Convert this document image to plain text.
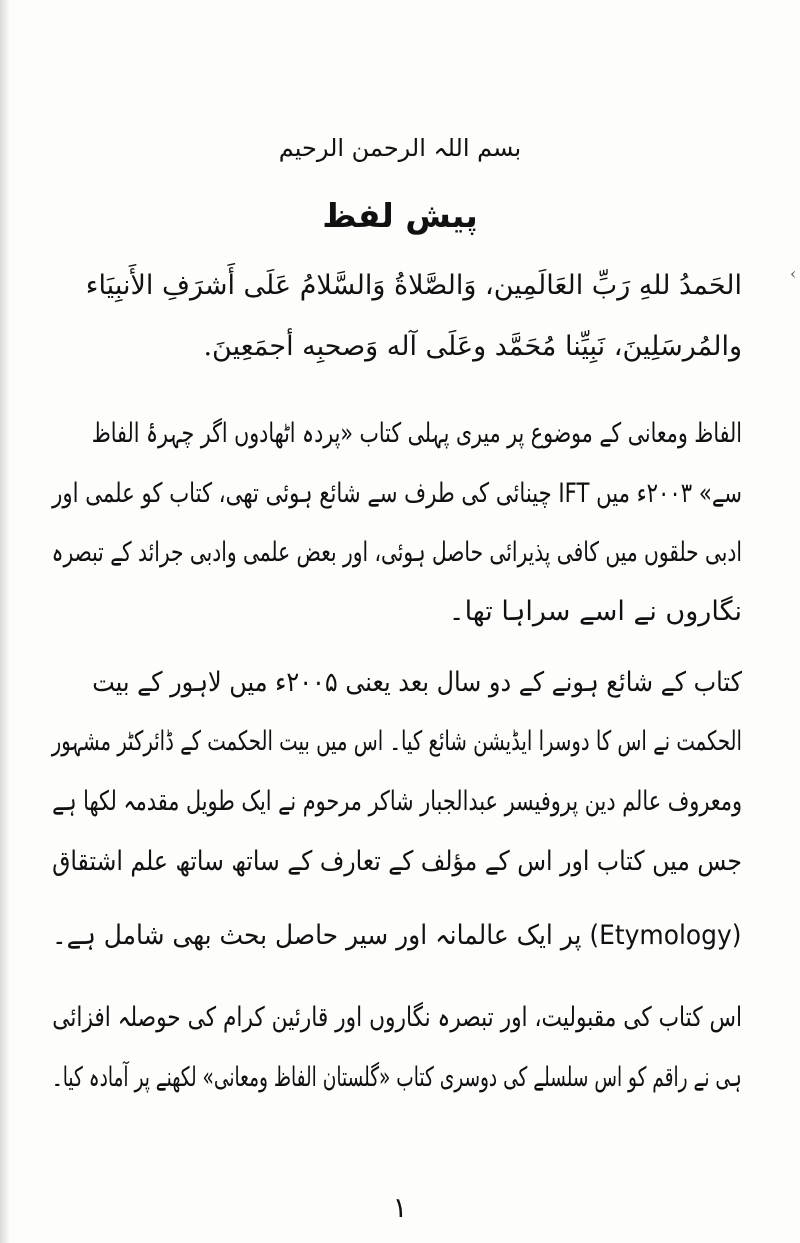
‹
بسم اللہ الرحمن الرحیم
پیش لفظ
الحَمدُ للهِ رَبِّ العَالَمِين، وَالصَّلاةُ وَالسَّلامُ عَلَى أَشرَفِ الأَنبِيَاء
والمُرسَلِينَ، نَبِيِّنا مُحَمَّد وعَلَى آله وَصحبِه أجمَعِينَ.
الفاظ ومعانی کے موضوع پر میری پہلی کتاب «پردہ اٹھادوں اگر چہرۂ الفاظ
سے» ۲۰۰۳ء میں IFT چینائی کی طرف سے شائع ہوئی تھی، کتاب کو علمی اور
ادبی حلقوں میں کافی پذیرائی حاصل ہوئی، اور بعض علمی وادبی جرائد کے تبصرہ
نگاروں نے اسے سراہا تھا۔
کتاب کے شائع ہونے کے دو سال بعد یعنی ۲۰۰۵ء میں لاہور کے بیت
الحکمت نے اس کا دوسرا ایڈیشن شائع کیا۔ اس میں بیت الحکمت کے ڈائرکٹر مشہور
ومعروف عالم دین پروفیسر عبدالجبار شاکر مرحوم نے ایک طویل مقدمہ لکھا ہے
جس میں کتاب اور اس کے مؤلف کے تعارف کے ساتھ ساتھ علم اشتقاق
(Etymology) پر ایک عالمانہ اور سیر حاصل بحث بھی شامل ہے۔
اس کتاب کی مقبولیت، اور تبصرہ نگاروں اور قارئین کرام کی حوصلہ افزائی
ہی نے راقم کو اس سلسلے کی دوسری کتاب «گلستان الفاظ ومعانی» لکھنے پر آمادہ کیا۔
۱
